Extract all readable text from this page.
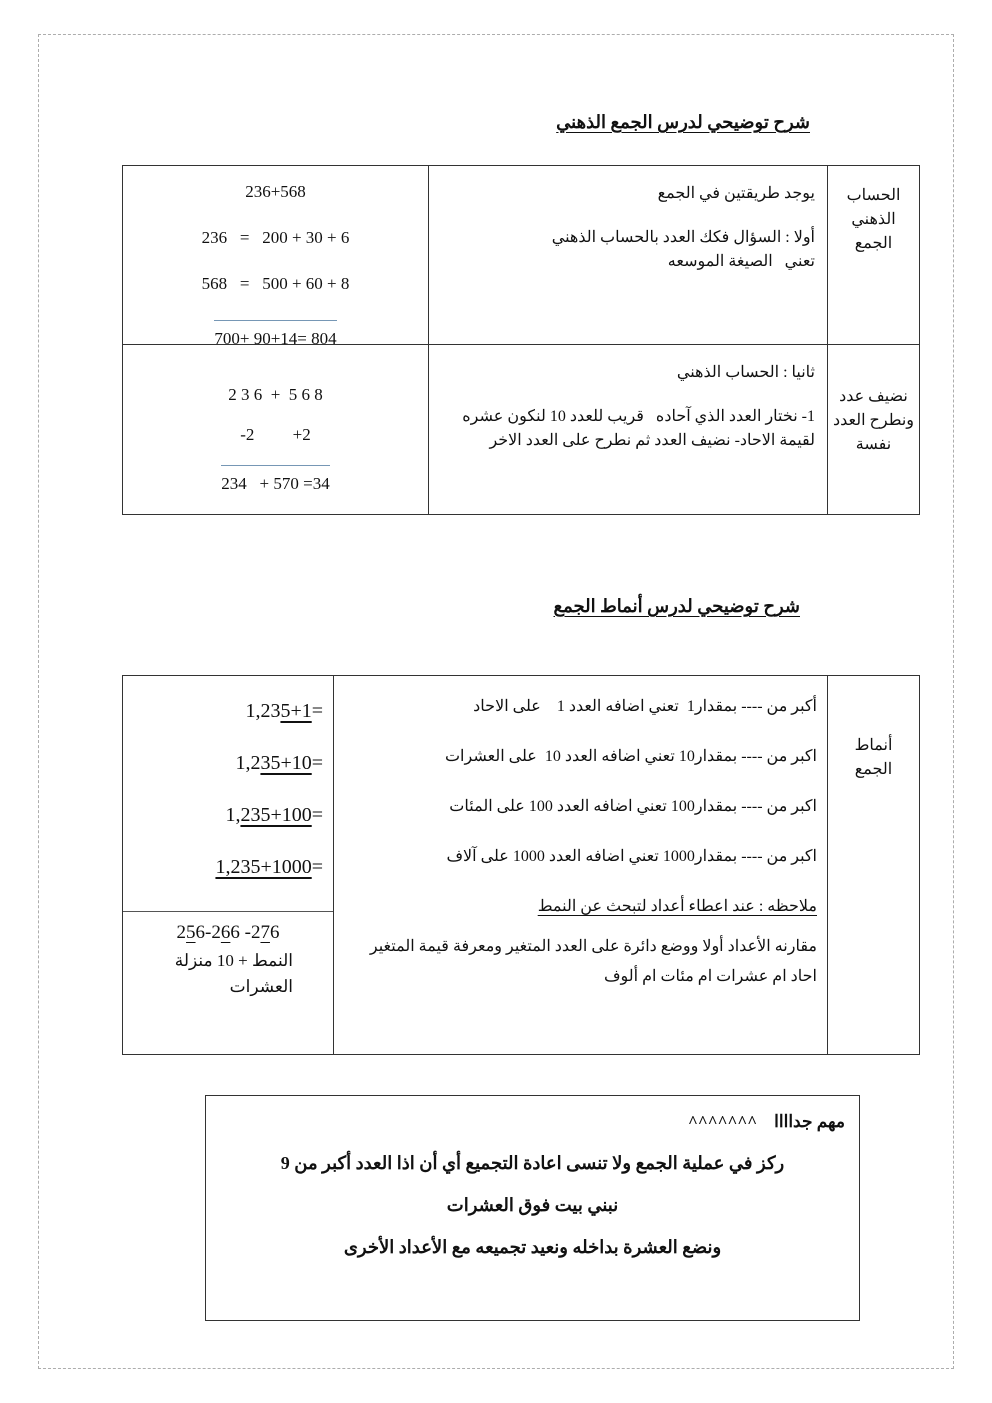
شرح توضيحي لدرس الجمع الذهني
الحساب
الذهني
الجمع
يوجد طريقتين في الجمع
أولا : السؤال فكك العدد بالحساب الذهني
تعني   الصيغة الموسعه
236+568
236   =   200 + 30 + 6
568   =   500 + 60 + 8
700+ 90+14= 804
نضيف عدد
ونطرح العدد
نفسة
ثانيا : الحساب الذهني
1- نختار العدد الذي آحاده   قريب للعدد 10 لنكون عشره
لقيمة الاحاد- نضيف العدد ثم نطرح على العدد الاخر
2 3 6  +  5 6 8
-2         +2
234   + 570 =34
شرح توضيحي لدرس أنماط الجمع
أنماط
الجمع
أكبر من ---- بمقدار1  تعني اضافه العدد 1    على الاحاد
اكبر من ---- بمقدار10 تعني اضافه العدد 10  على العشرات
اكبر من ---- بمقدار100 تعني اضافه العدد 100 على المئات
اكبر من ---- بمقدار1000 تعني اضافه العدد 1000 على آلاف
ملاحظه : عند اعطاء أعداد لتبحث عن النمط
مقارنه الأعداد أولا ووضع دائرة على العدد المتغير ومعرفة قيمة المتغير احاد ام عشرات ام مئات ام ألوف
1,235+1=
1,235+10=
1,235+100=
1,235+1000=
256-266 -276
النمط + 10 منزلة
العشرات
مهم جداااا    ^^^^^^^
ركز في عملية الجمع ولا تنسى اعادة التجميع أي أن اذا العدد أكبر من 9
نبني بيت فوق العشرات
ونضع العشرة بداخله ونعيد تجميعه مع الأعداد الأخرى
